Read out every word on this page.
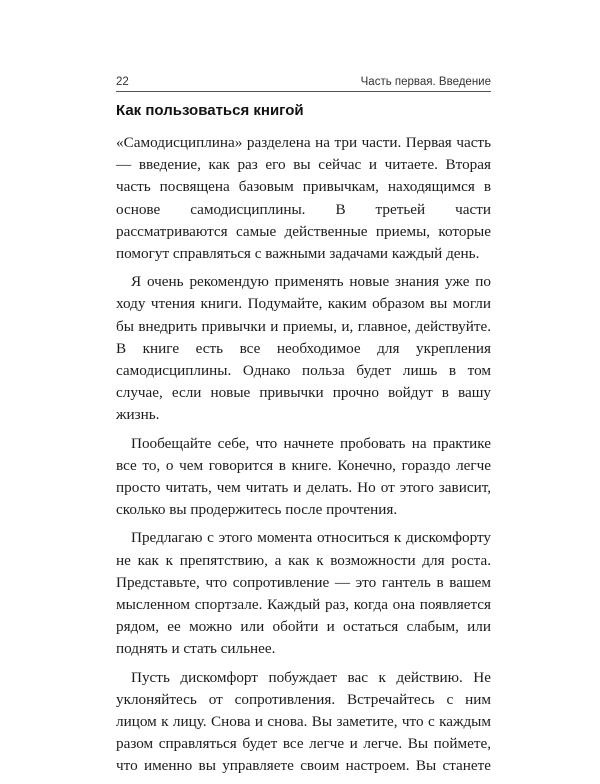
22	Часть первая. Введение
Как пользоваться книгой

«Самодисциплина» разделена на три части. Первая часть — введение, как раз его вы сейчас и читаете. Вторая часть посвящена базовым привычкам, находящимся в основе самодисциплины. В третьей части рассматриваются самые действенные приемы, которые помогут справляться с важными задачами каждый день.

Я очень рекомендую применять новые знания уже по ходу чтения книги. Подумайте, каким образом вы могли бы внедрить привычки и приемы, и, главное, действуйте. В книге есть все необходимое для укрепления самодисциплины. Однако польза будет лишь в том случае, если новые привычки прочно войдут в вашу жизнь.

Пообещайте себе, что начнете пробовать на практике все то, о чем говорится в книге. Конечно, гораздо легче просто читать, чем читать и делать. Но от этого зависит, сколько вы продержитесь после прочтения.

Предлагаю с этого момента относиться к дискомфорту не как к препятствию, а как к возможности для роста. Представьте, что сопротивление — это гантель в вашем мысленном спортзале. Каждый раз, когда она появляется рядом, ее можно или обойти и остаться слабым, или поднять и стать сильнее.

Пусть дискомфорт побуждает вас к действию. Не уклоняйтесь от сопротивления. Встречайтесь с ним лицом к лицу. Снова и снова. Вы заметите, что с каждым разом справляться будет все легче и легче. Вы поймете, что именно вы управляете своим настроем. Вы станете
